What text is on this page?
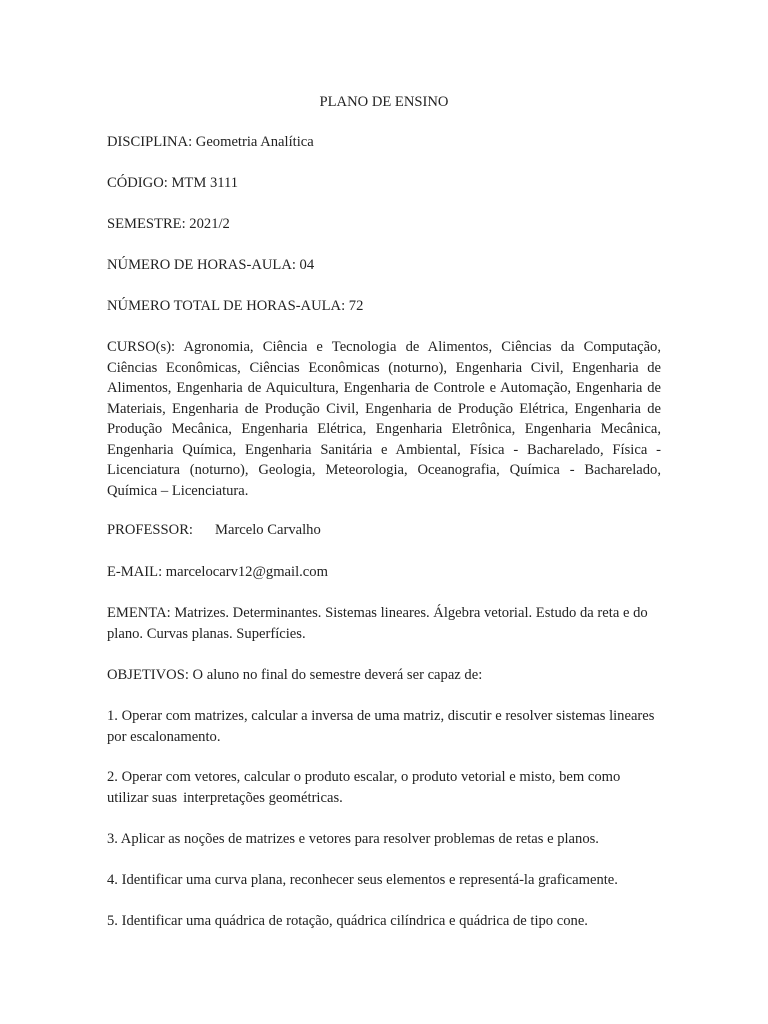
PLANO DE ENSINO

DISCIPLINA: Geometria Analítica

CÓDIGO: MTM 3111

SEMESTRE: 2021/2

NÚMERO DE HORAS-AULA: 04

NÚMERO TOTAL DE HORAS-AULA: 72

CURSO(s): Agronomia, Ciência e Tecnologia de Alimentos, Ciências da Computação, Ciências Econômicas, Ciências Econômicas (noturno), Engenharia Civil, Engenharia de Alimentos, Engenharia de Aquicultura, Engenharia de Controle e Automação, Engenharia de Materiais, Engenharia de Produção Civil, Engenharia de Produção Elétrica, Engenharia de Produção Mecânica, Engenharia Elétrica, Engenharia Eletrônica, Engenharia Mecânica, Engenharia Química, Engenharia Sanitária e Ambiental, Física - Bacharelado, Física - Licenciatura (noturno), Geologia, Meteorologia, Oceanografia, Química - Bacharelado, Química – Licenciatura.

PROFESSOR: Marcelo Carvalho

E-MAIL: marcelocarv12@gmail.com

EMENTA: Matrizes. Determinantes. Sistemas lineares. Álgebra vetorial. Estudo da reta e do plano. Curvas planas. Superfícies.

OBJETIVOS: O aluno no final do semestre deverá ser capaz de:

1. Operar com matrizes, calcular a inversa de uma matriz, discutir e resolver sistemas lineares por escalonamento.

2. Operar com vetores, calcular o produto escalar, o produto vetorial e misto, bem como utilizar suas interpretações geométricas.

3. Aplicar as noções de matrizes e vetores para resolver problemas de retas e planos.

4. Identificar uma curva plana, reconhecer seus elementos e representá-la graficamente.

5. Identificar uma quádrica de rotação, quádrica cilíndrica e quádrica de tipo cone.
